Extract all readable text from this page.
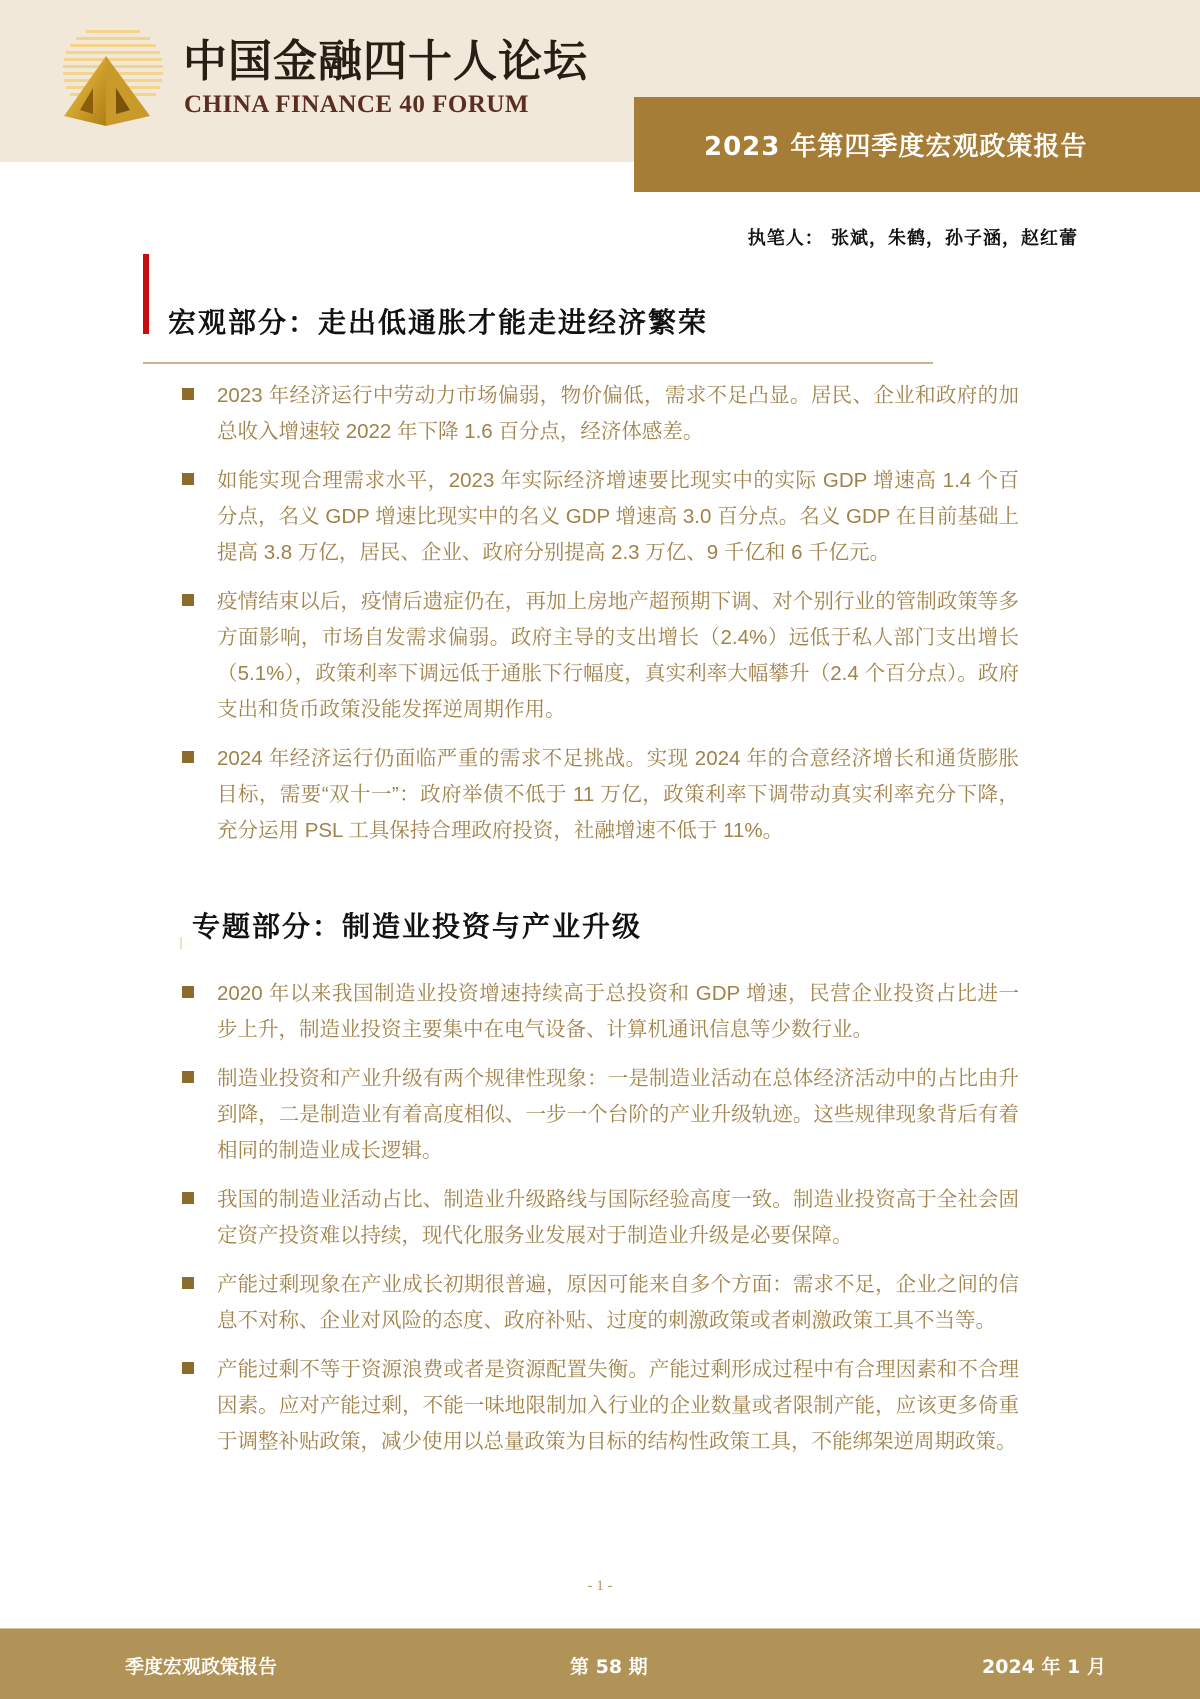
中国金融四十人论坛
CHINA FINANCE 40 FORUM
2023 年第四季度宏观政策报告
执笔人： 张斌，朱鹤，孙子涵，赵红蕾
宏观部分：走出低通胀才能走进经济繁荣
2023 年经济运行中劳动力市场偏弱，物价偏低，需求不足凸显。居民、企业和政府的加总收入增速较 2022 年下降 1.6 百分点，经济体感差。
如能实现合理需求水平，2023 年实际经济增速要比现实中的实际 GDP 增速高 1.4 个百分点，名义 GDP 增速比现实中的名义 GDP 增速高 3.0 百分点。名义 GDP 在目前基础上提高 3.8 万亿，居民、企业、政府分别提高 2.3 万亿、9 千亿和 6 千亿元。
疫情结束以后，疫情后遗症仍在，再加上房地产超预期下调、对个别行业的管制政策等多方面影响，市场自发需求偏弱。政府主导的支出增长（2.4%）远低于私人部门支出增长（5.1%），政策利率下调远低于通胀下行幅度，真实利率大幅攀升（2.4 个百分点）。政府支出和货币政策没能发挥逆周期作用。
2024 年经济运行仍面临严重的需求不足挑战。实现 2024 年的合意经济增长和通货膨胀目标，需要“双十一”：政府举债不低于 11 万亿，政策利率下调带动真实利率充分下降，充分运用 PSL 工具保持合理政府投资，社融增速不低于 11%。
专题部分：制造业投资与产业升级
2020 年以来我国制造业投资增速持续高于总投资和 GDP 增速，民营企业投资占比进一步上升，制造业投资主要集中在电气设备、计算机通讯信息等少数行业。
制造业投资和产业升级有两个规律性现象：一是制造业活动在总体经济活动中的占比由升到降，二是制造业有着高度相似、一步一个台阶的产业升级轨迹。这些规律现象背后有着相同的制造业成长逻辑。
我国的制造业活动占比、制造业升级路线与国际经验高度一致。制造业投资高于全社会固定资产投资难以持续，现代化服务业发展对于制造业升级是必要保障。
产能过剩现象在产业成长初期很普遍，原因可能来自多个方面：需求不足，企业之间的信息不对称、企业对风险的态度、政府补贴、过度的刺激政策或者刺激政策工具不当等。
产能过剩不等于资源浪费或者是资源配置失衡。产能过剩形成过程中有合理因素和不合理因素。应对产能过剩，不能一味地限制加入行业的企业数量或者限制产能，应该更多倚重于调整补贴政策，减少使用以总量政策为目标的结构性政策工具，不能绑架逆周期政策。
- 1 -
季度宏观政策报告	第 58 期	2024 年 1 月
